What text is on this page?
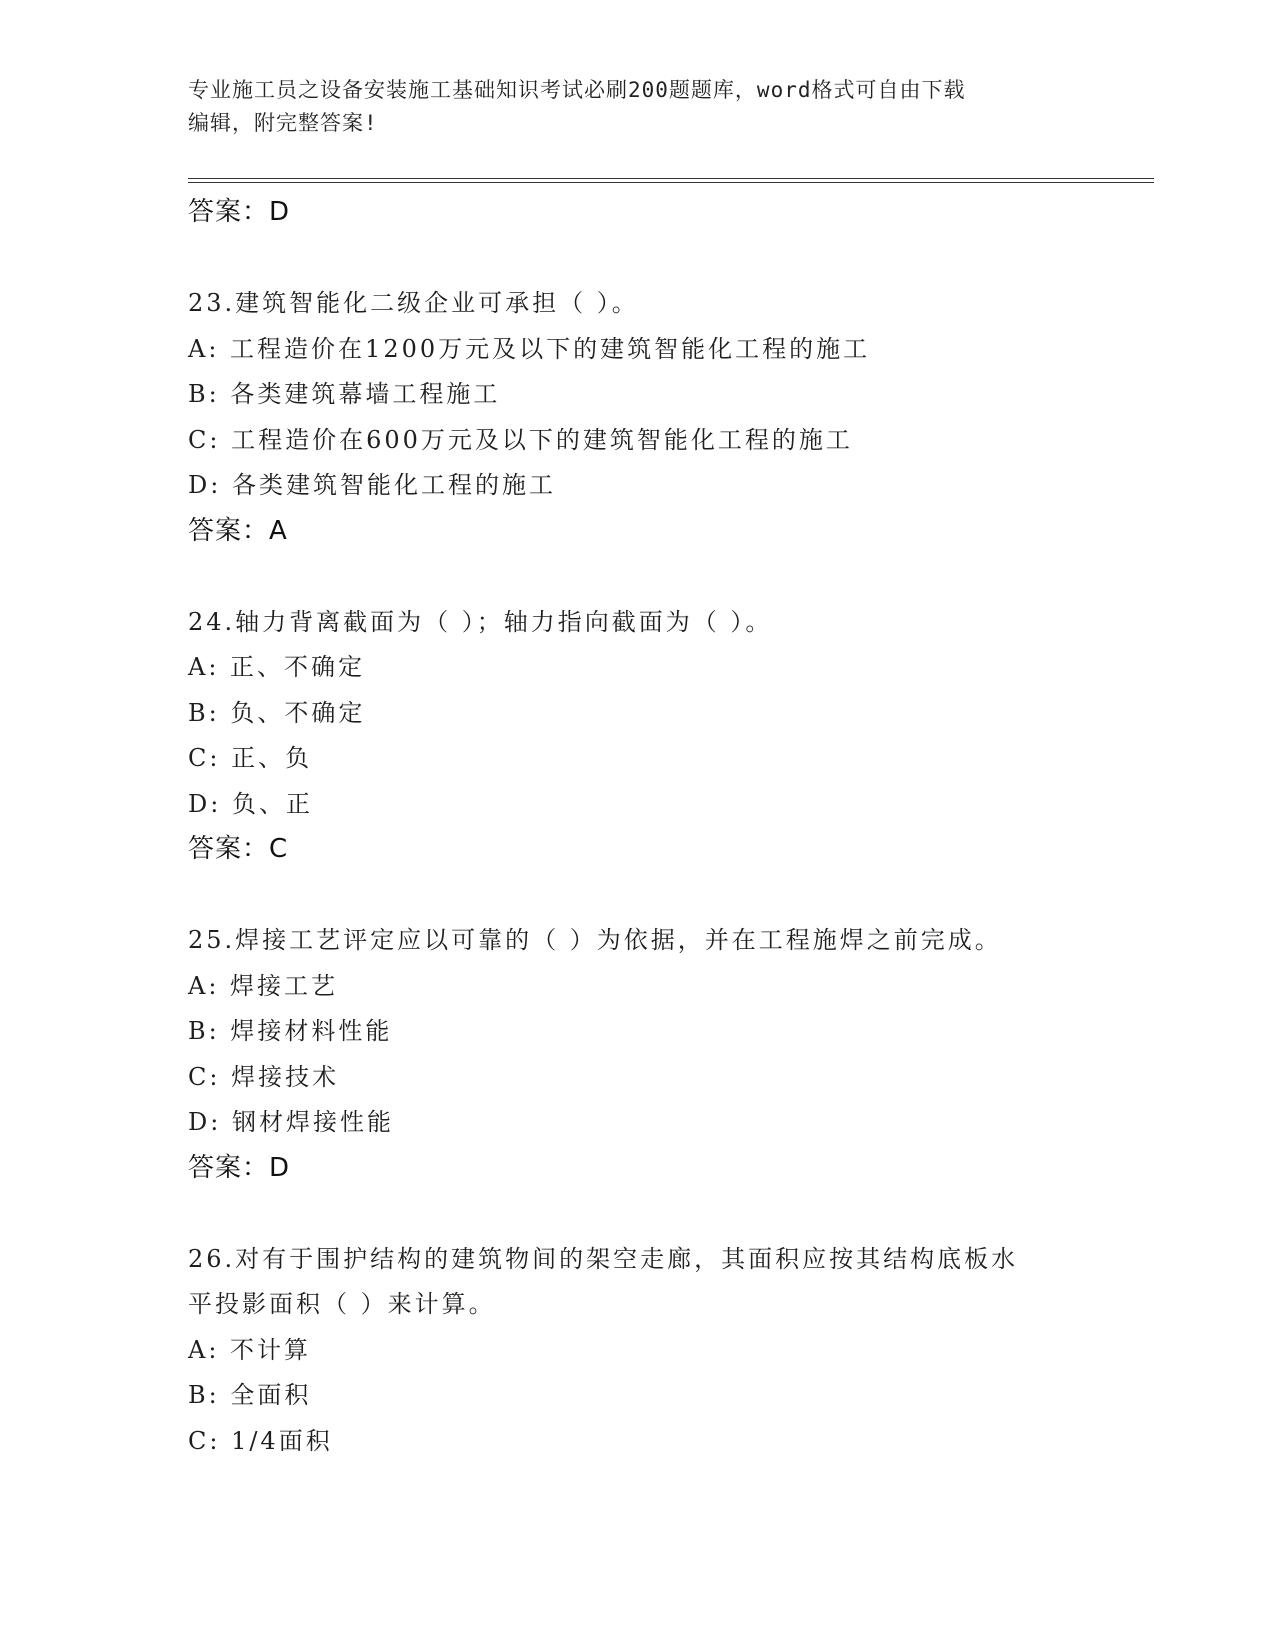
专业施工员之设备安装施工基础知识考试必刷200题题库，word格式可自由下载
编辑，附完整答案!
答案：D
23.建筑智能化二级企业可承担（ ）。
A: 工程造价在1200万元及以下的建筑智能化工程的施工
B: 各类建筑幕墙工程施工
C: 工程造价在600万元及以下的建筑智能化工程的施工
D: 各类建筑智能化工程的施工
答案：A
24.轴力背离截面为（ ）；轴力指向截面为（ ）。
A: 正、不确定
B: 负、不确定
C: 正、负
D: 负、正
答案：C
25.焊接工艺评定应以可靠的（ ）为依据，并在工程施焊之前完成。
A: 焊接工艺
B: 焊接材料性能
C: 焊接技术
D: 钢材焊接性能
答案：D
26.对有于围护结构的建筑物间的架空走廊，其面积应按其结构底板水
平投影面积（ ）来计算。
A: 不计算
B: 全面积
C: 1/4面积
